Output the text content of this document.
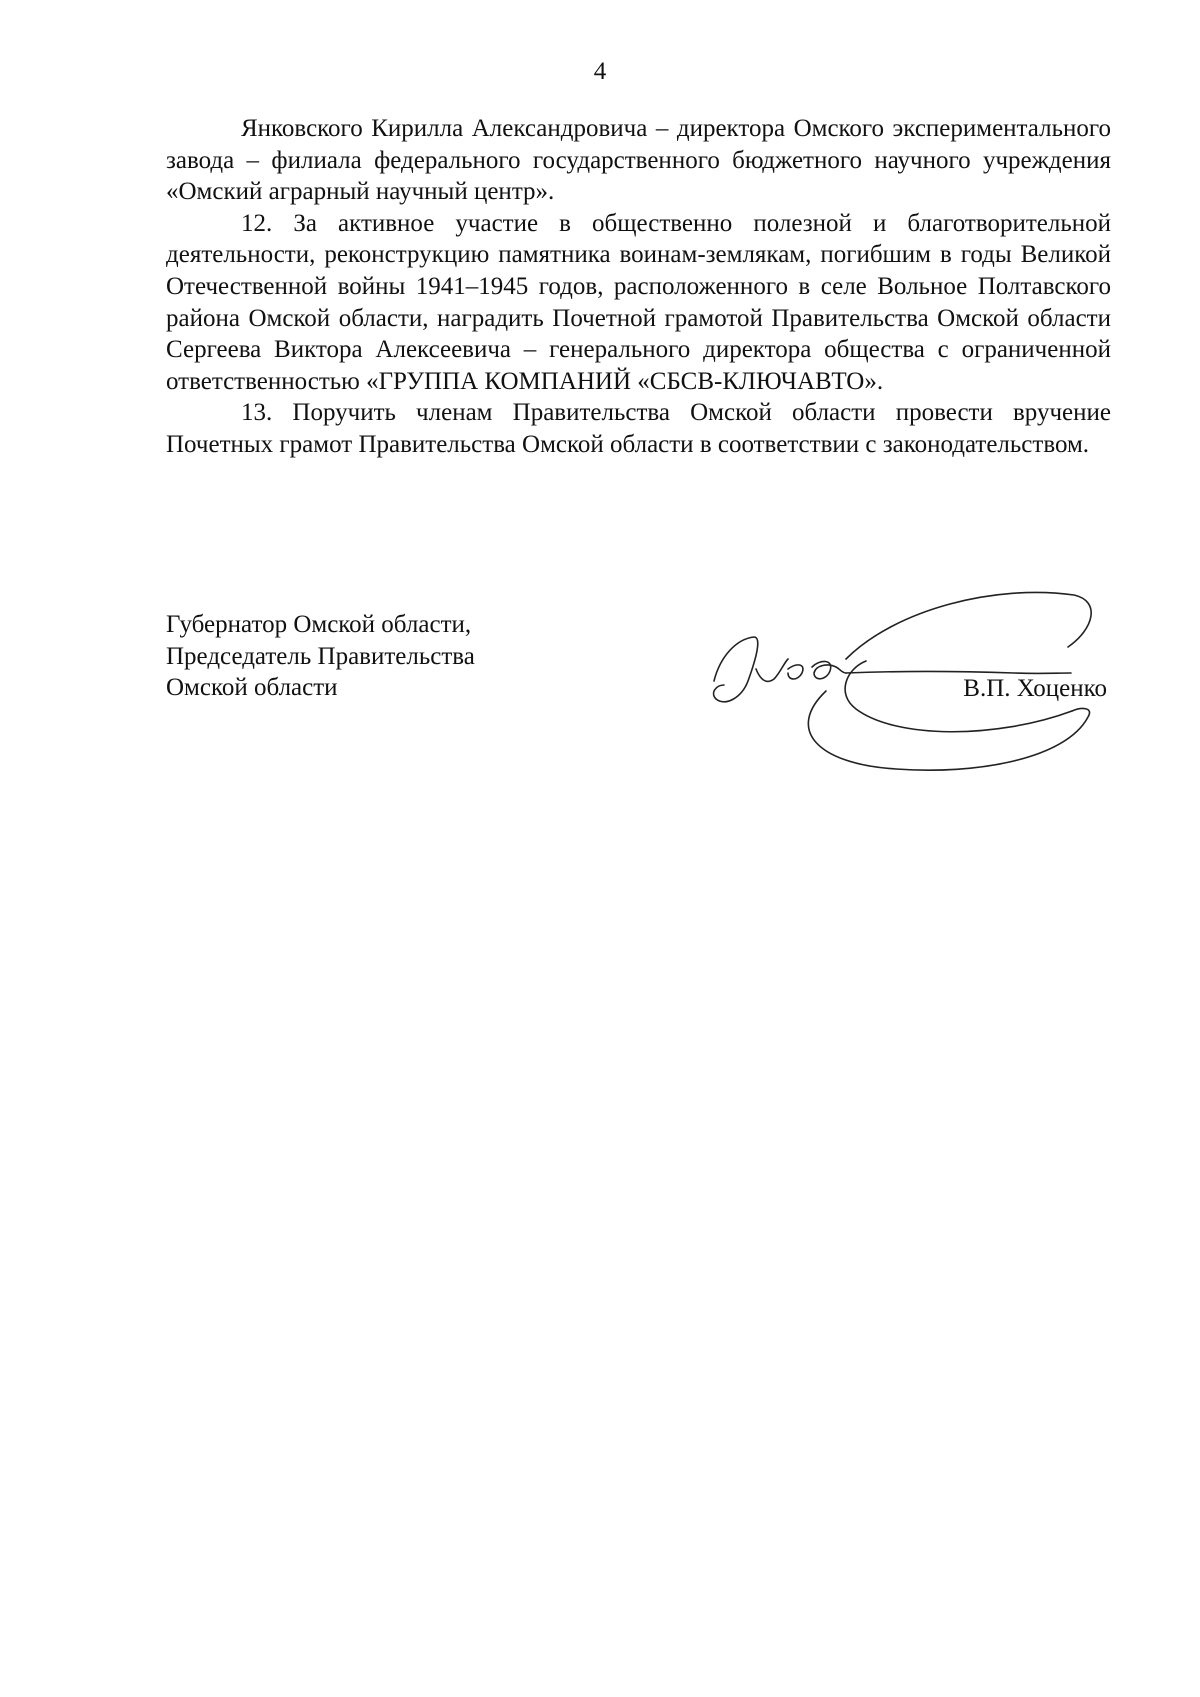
4

Янковского Кирилла Александровича – директора Омского экспериментального завода – филиала федерального государственного бюджетного научного учреждения «Омский аграрный научный центр».

12. За активное участие в общественно полезной и благотворительной деятельности, реконструкцию памятника воинам-землякам, погибшим в годы Великой Отечественной войны 1941–1945 годов, расположенного в селе Вольное Полтавского района Омской области, наградить Почетной грамотой Правительства Омской области Сергеева Виктора Алексеевича – генерального директора общества с ограниченной ответственностью «ГРУППА КОМПАНИЙ «СБСВ-КЛЮЧАВТО».

13. Поручить членам Правительства Омской области провести вручение Почетных грамот Правительства Омской области в соответствии с законодательством.

Губернатор Омской области,
Председатель Правительства
Омской области	В.П. Хоценко
